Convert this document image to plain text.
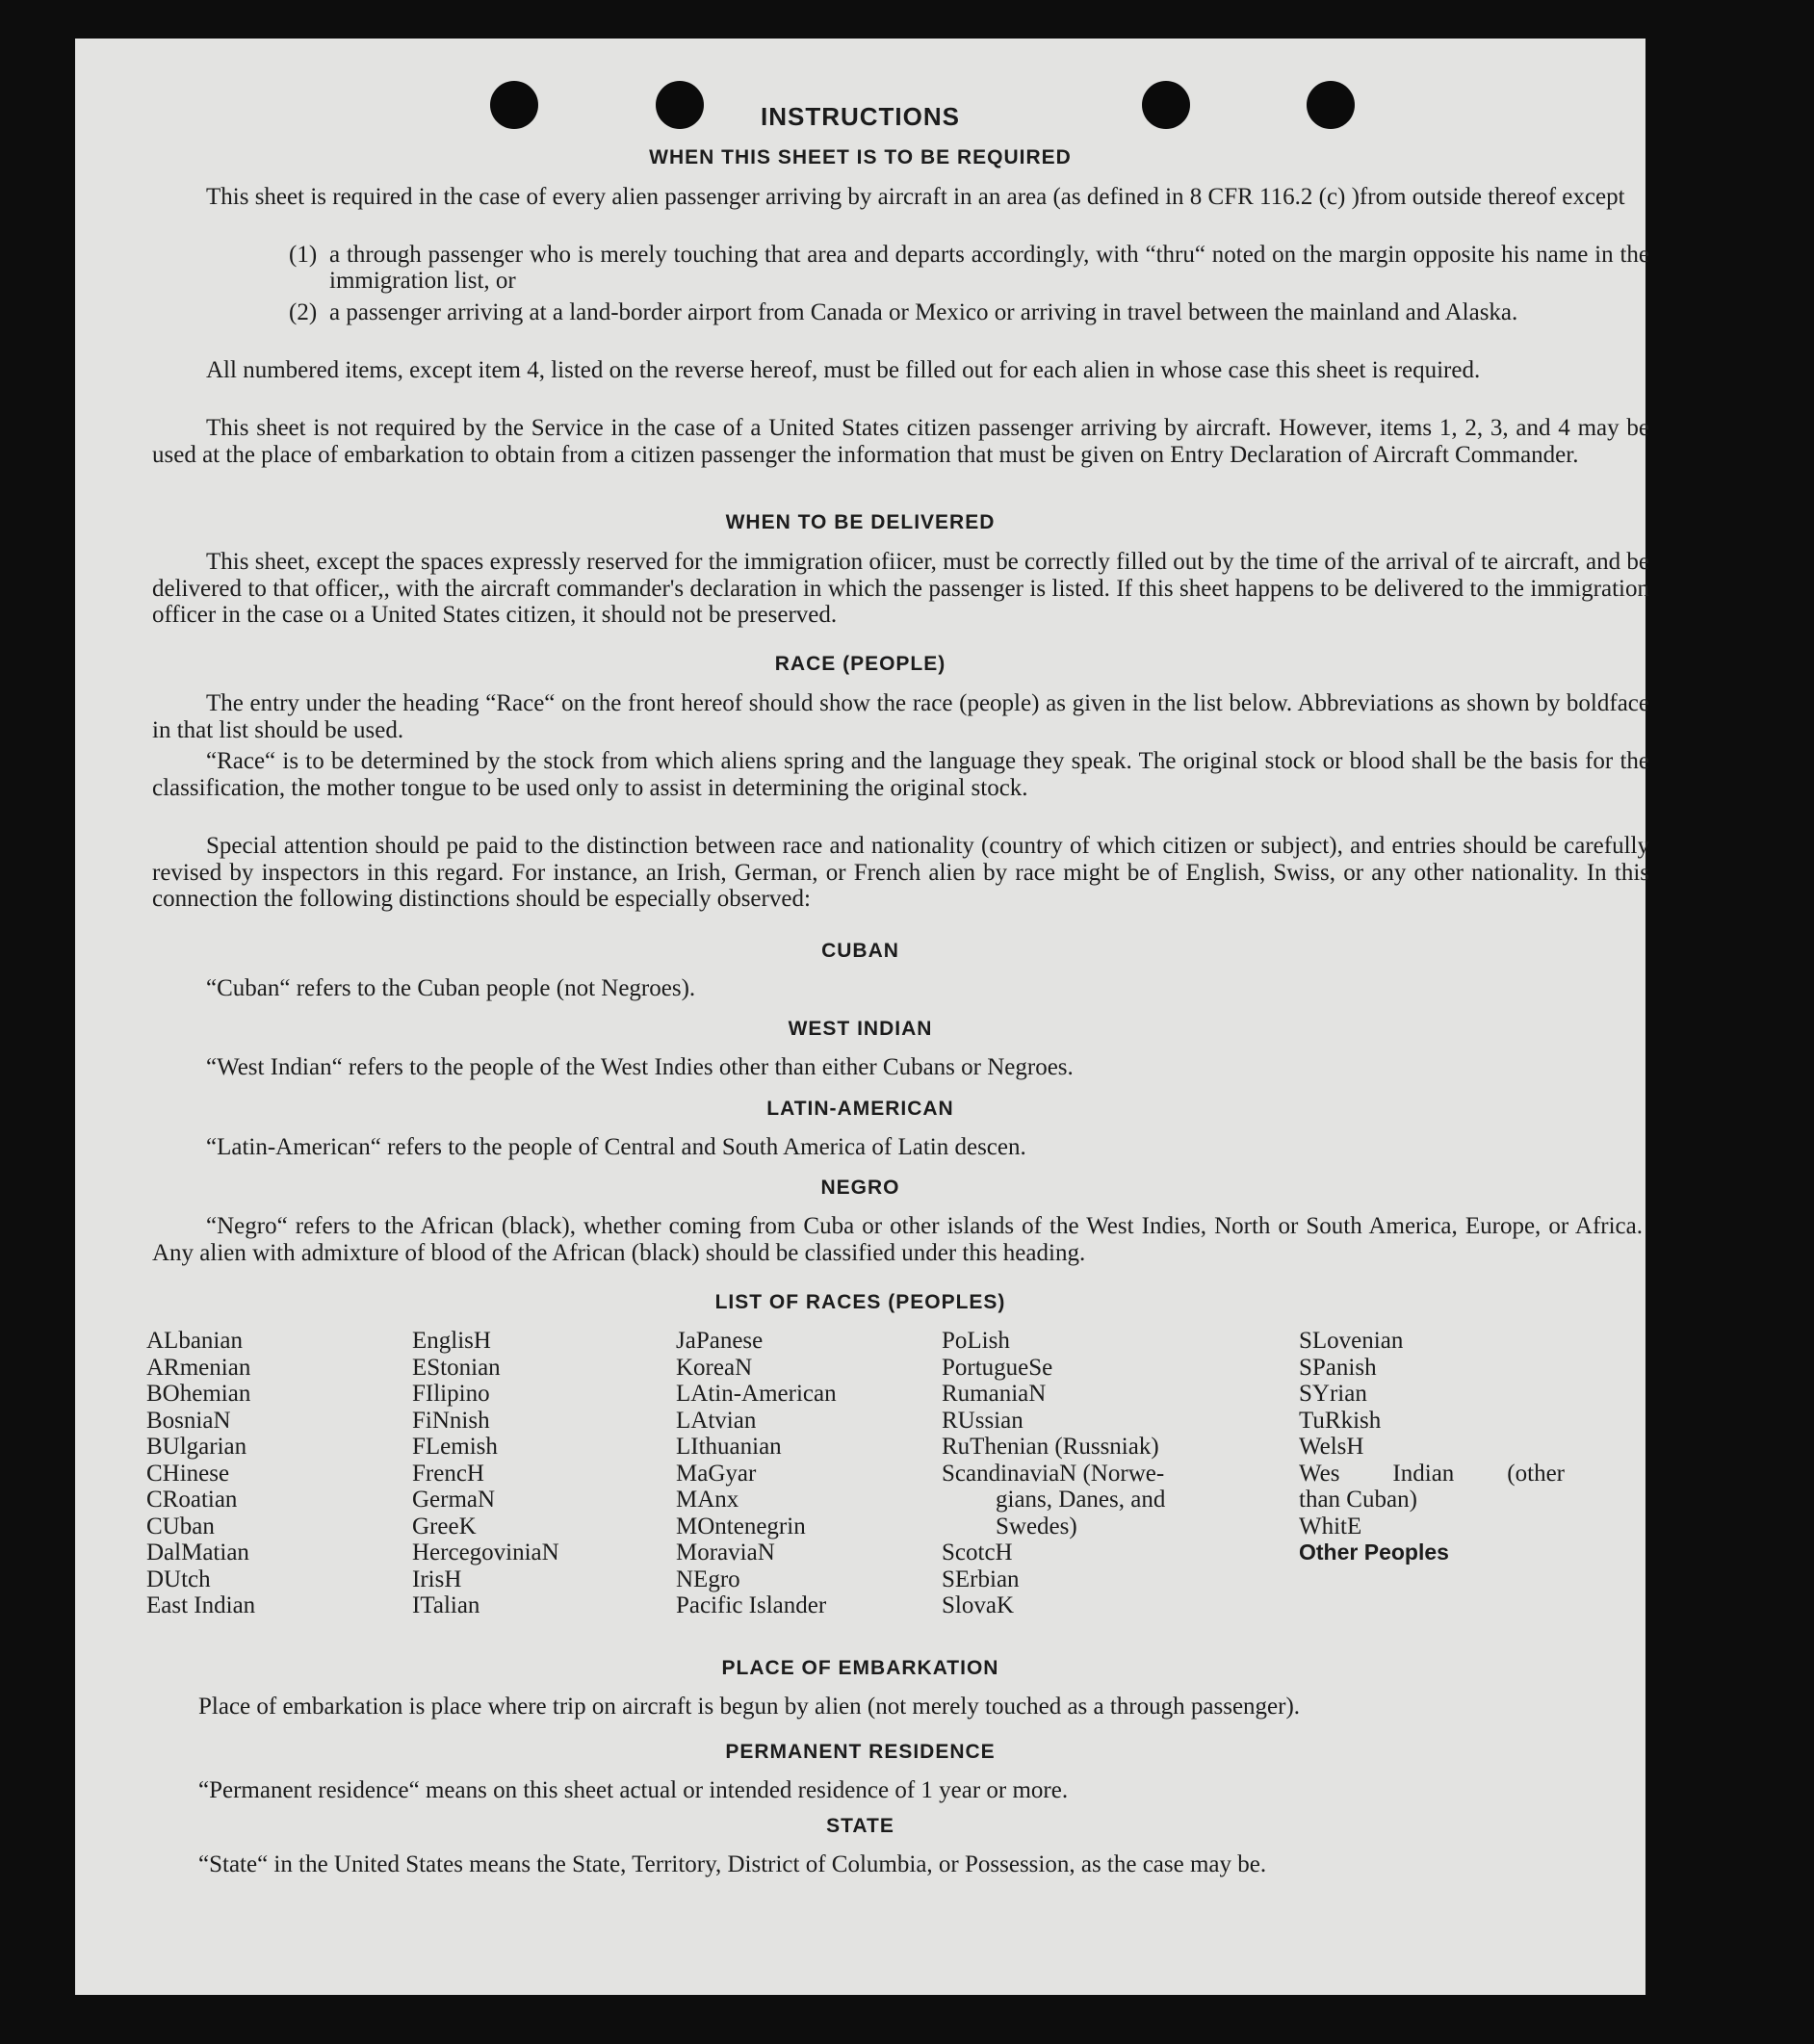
INSTRUCTIONS
WHEN THIS SHEET IS TO BE REQUIRED

This sheet is required in the case of every alien passenger arriving by aircraft in an area (as defined in 8 CFR 116.2 (c) )from outside thereof except

(1) a through passenger who is merely touching that area and departs accordingly, with “thru“ noted on the margin opposite his name in the immigration list, or
(2) a passenger arriving at a land-border airport from Canada or Mexico or arriving in travel between the mainland and Alaska.

All numbered items, except item 4, listed on the reverse hereof, must be filled out for each alien in whose case this sheet is required.

This sheet is not required by the Service in the case of a United States citizen passenger arriving by aircraft. However, items 1, 2, 3, and 4 may be used at the place of embarkation to obtain from a citizen passenger the information that must be given on Entry Declaration of Aircraft Commander.

WHEN TO BE DELIVERED

This sheet, except the spaces expressly reserved for the immigration ofiicer, must be correctly filled out by the time of the arrival of te aircraft, and be delivered to that officer,, with the aircraft commander's declaration in which the passenger is listed. If this sheet happens to be delivered to the immigration officer in the case oı a United States citizen, it should not be preserved.

RACE (PEOPLE)

The entry under the heading “Race“ on the front hereof should show the race (people) as given in the list below. Abbreviations as shown by boldface in that list should be used.

“Race“ is to be determined by the stock from which aliens spring and the language they speak. The original stock or blood shall be the basis for the classification, the mother tongue to be used only to assist in determining the original stock.

Special attention should pe paid to the distinction between race and nationality (country of which citizen or subject), and entries should be carefully revised by inspectors in this regard. For instance, an Irish, German, or French alien by race might be of English, Swiss, or any other nationality. In this connection the following distinctions should be especially observed:

CUBAN

“Cuban“ refers to the Cuban people (not Negroes).

WEST INDIAN

“West Indian“ refers to the people of the West Indies other than either Cubans or Negroes.

LATIN-AMERICAN

“Latin-American“ refers to the people of Central and South America of Latin descen.

NEGRO

“Negro“ refers to the African (black), whether coming from Cuba or other islands of the West Indies, North or South America, Europe, or Africa. Any alien with admixture of blood of the African (black) should be classified under this heading.

LIST OF RACES (PEOPLES)
ALbanian
ARmenian
BOhemian
BosniaN
BUlgarian
CHinese
CRoatian
CUban
DalMatian
DUtch
East Indian
EnglisH
EStonian
FIlipino
FiNnish
FLemish
FrencH
GermaN
GreeK
HercegoviniaN
IrisH
ITalian
JaPanese
KoreaN
LAtin-American
LAtvian
LIthuanian
MaGyar
MAnx
MOntenegrin
MoraviaN
NEgro
Pacific Islander
PoLish
PortugueSe
RumaniaN
RUssian
RuThenian (Russniak)
ScandinaviaN (Norwe-
gians, Danes, and
Swedes)
ScotcH
SErbian
SlovaK
SLovenian
SPanish
SYrian
TuRkish
WelsH
Wes Indian (other
than Cuban)
WhitE
Other Peoples
PLACE OF EMBARKATION

Place of embarkation is place where trip on aircraft is begun by alien (not merely touched as a through passenger).

PERMANENT RESIDENCE

“Permanent residence“ means on this sheet actual or intended residence of 1 year or more.

STATE

“State“ in the United States means the State, Territory, District of Columbia, or Possession, as the case may be.
